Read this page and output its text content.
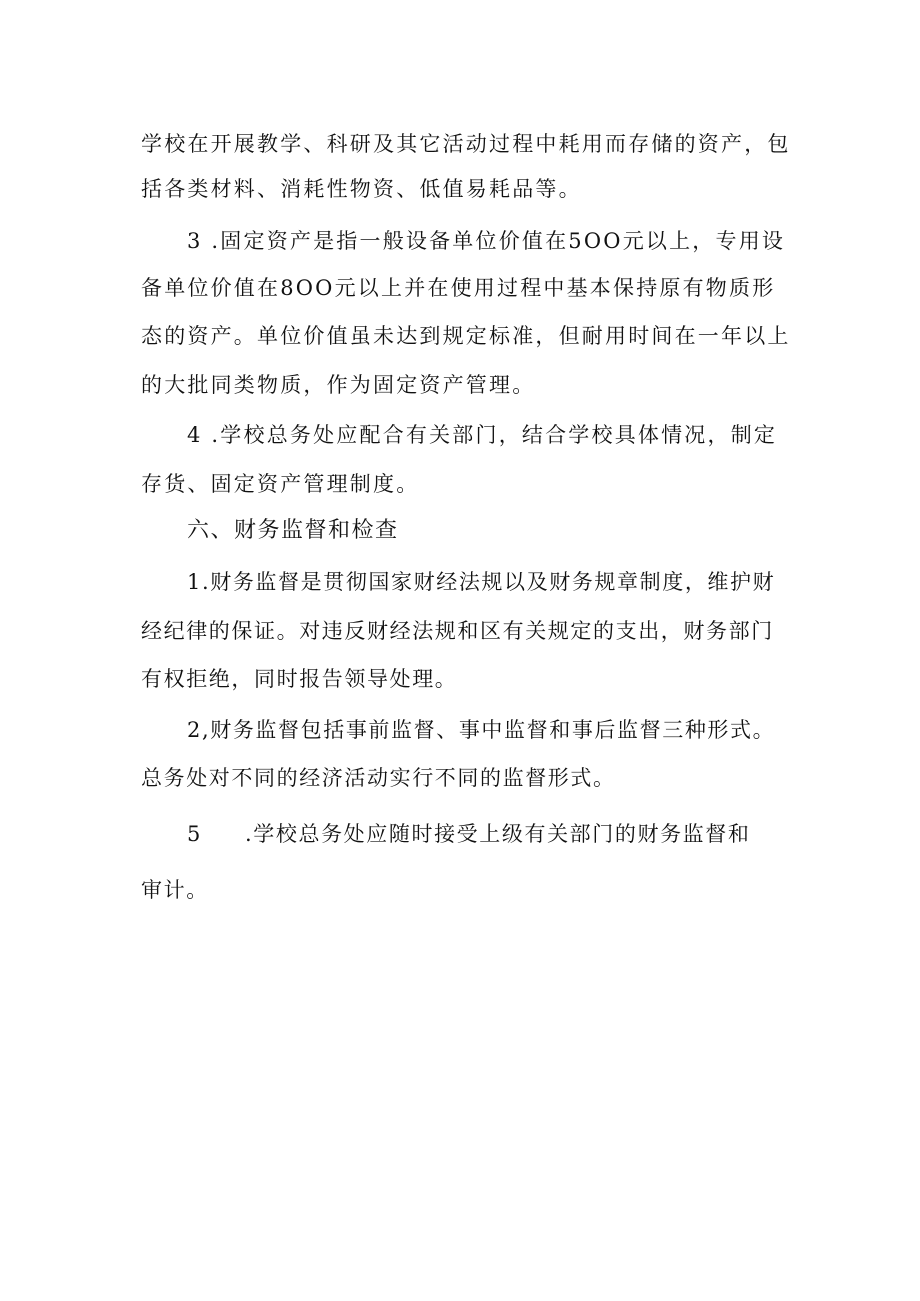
学校在开展教学、科研及其它活动过程中耗用而存储的资产，包
括各类材料、消耗性物资、低值易耗品等。
3 .固定资产是指一般设备单位价值在5OO元以上，专用设
备单位价值在8OO元以上并在使用过程中基本保持原有物质形
态的资产。单位价值虽未达到规定标准，但耐用时间在一年以上
的大批同类物质，作为固定资产管理。
4 .学校总务处应配合有关部门，结合学校具体情况，制定
存货、固定资产管理制度。
六、财务监督和检查
1.财务监督是贯彻国家财经法规以及财务规章制度，维护财
经纪律的保证。对违反财经法规和区有关规定的支出，财务部门
有权拒绝，同时报告领导处理。
2,财务监督包括事前监督、事中监督和事后监督三种形式。
总务处对不同的经济活动实行不同的监督形式。
5 .学校总务处应随时接受上级有关部门的财务监督和
审计。
